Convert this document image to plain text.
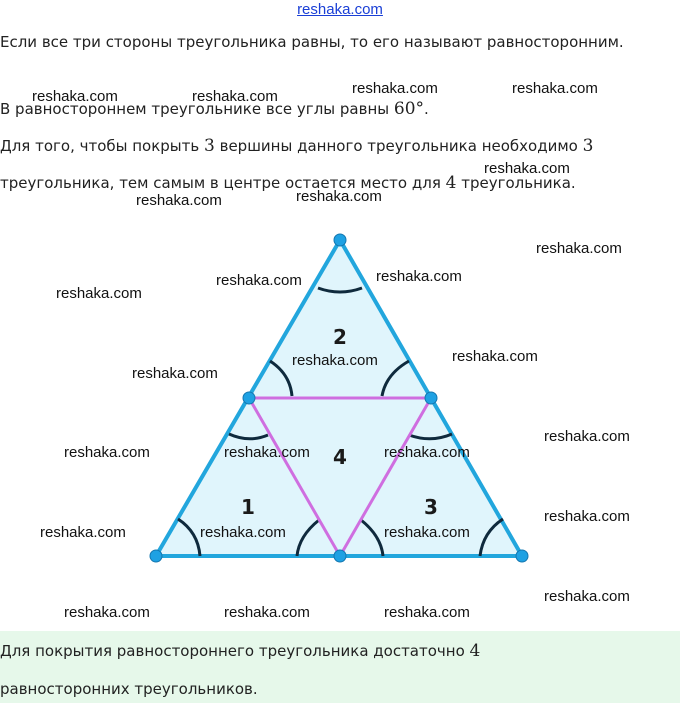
reshaka.com

Если все три стороны треугольника равны, то его называют равносторонним.

В равностороннем треугольнике все углы равны 60°.

Для того, чтобы покрыть 3 вершины данного треугольника необходимо 3

треугольника, тем самым в центре остается место для 4 треугольника.

2
4
1	3

Для покрытия равностороннего треугольника достаточно 4

равносторонних треугольников.

reshaka.com	reshaka.com	reshaka.com	reshaka.com
reshaka.com
reshaka.com	reshaka.com
reshaka.com
reshaka.com	reshaka.com
reshaka.com
reshaka.com	reshaka.com
reshaka.com
reshaka.com
reshaka.com	reshaka.com	reshaka.com
reshaka.com
reshaka.com	reshaka.com	reshaka.com
reshaka.com
reshaka.com	reshaka.com	reshaka.com
